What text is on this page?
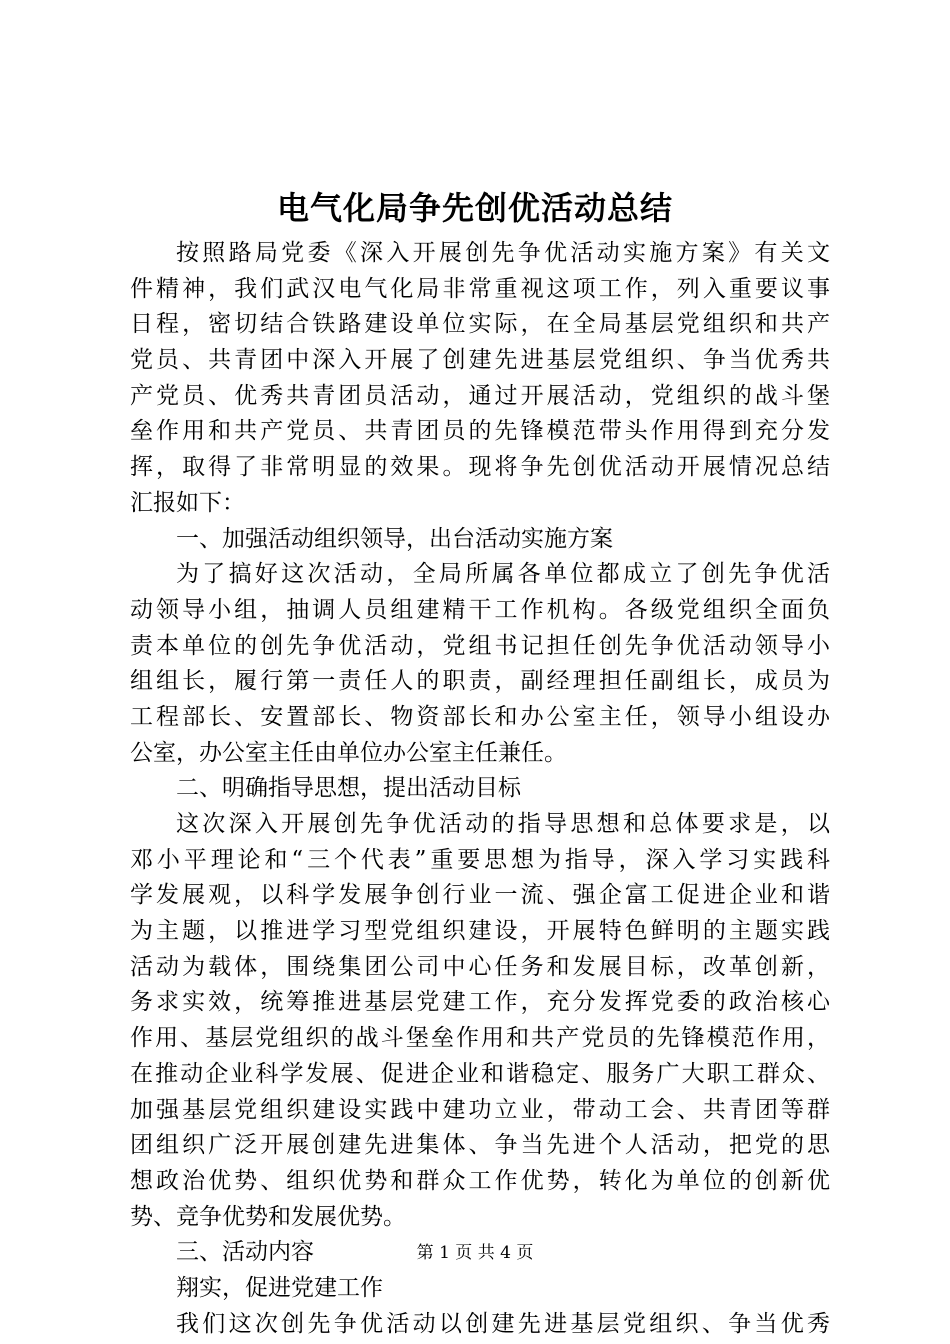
电气化局争先创优活动总结
按照路局党委《深入开展创先争优活动实施方案》有关文
件精神，我们武汉电气化局非常重视这项工作，列入重要议事
日程，密切结合铁路建设单位实际，在全局基层党组织和共产
党员、共青团中深入开展了创建先进基层党组织、争当优秀共
产党员、优秀共青团员活动，通过开展活动，党组织的战斗堡
垒作用和共产党员、共青团员的先锋模范带头作用得到充分发
挥，取得了非常明显的效果。现将争先创优活动开展情况总结
汇报如下：
一、加强活动组织领导，出台活动实施方案
为了搞好这次活动，全局所属各单位都成立了创先争优活
动领导小组，抽调人员组建精干工作机构。各级党组织全面负
责本单位的创先争优活动，党组书记担任创先争优活动领导小
组组长，履行第一责任人的职责，副经理担任副组长，成员为
工程部长、安置部长、物资部长和办公室主任，领导小组设办
公室，办公室主任由单位办公室主任兼任。
二、明确指导思想，提出活动目标
这次深入开展创先争优活动的指导思想和总体要求是，以
邓小平理论和“三个代表”重要思想为指导，深入学习实践科
学发展观，以科学发展争创行业一流、强企富工促进企业和谐
为主题，以推进学习型党组织建设，开展特色鲜明的主题实践
活动为载体，围绕集团公司中心任务和发展目标，改革创新，
务求实效，统筹推进基层党建工作，充分发挥党委的政治核心
作用、基层党组织的战斗堡垒作用和共产党员的先锋模范作用，
在推动企业科学发展、促进企业和谐稳定、服务广大职工群众、
加强基层党组织建设实践中建功立业，带动工会、共青团等群
团组织广泛开展创建先进集体、争当先进个人活动，把党的思
想政治优势、组织优势和群众工作优势，转化为单位的创新优
势、竞争优势和发展优势。
三、活动内容
翔实，促进党建工作
我们这次创先争优活动以创建先进基层党组织、争当优秀
第 1 页 共 4 页
